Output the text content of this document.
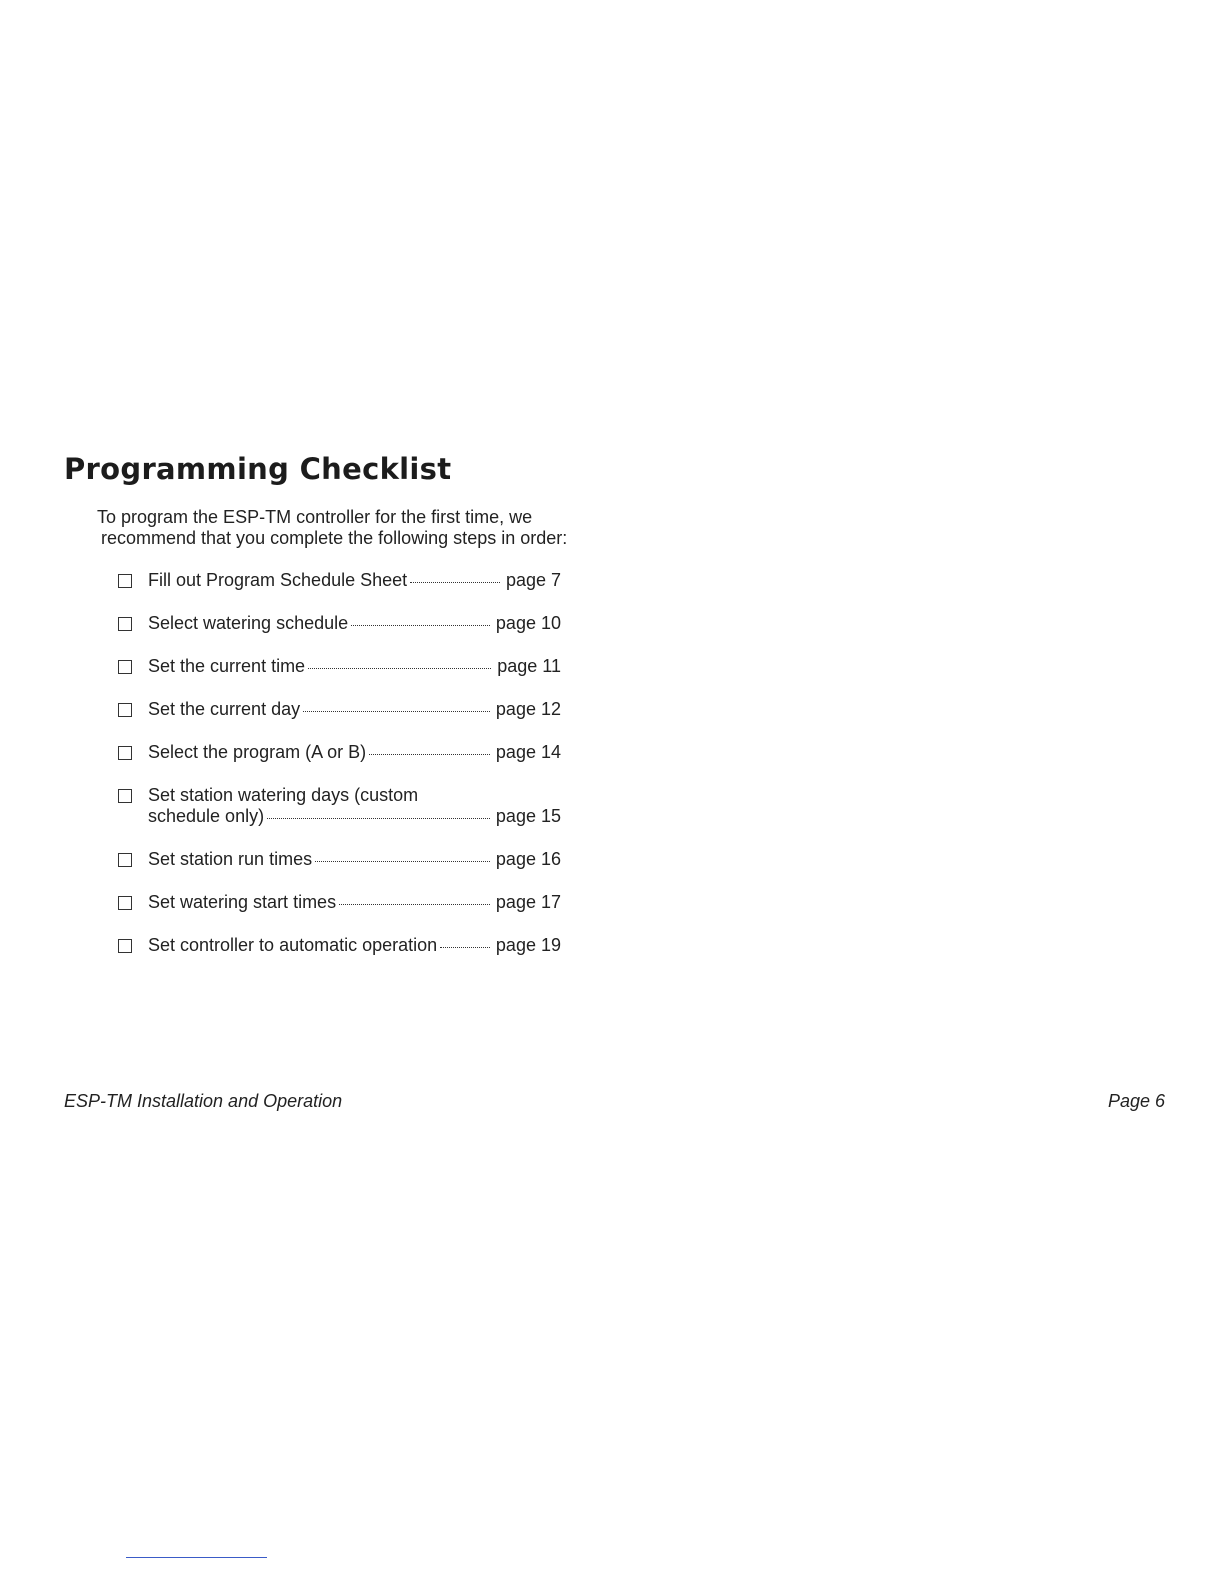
Programming Checklist
To program the ESP-TM controller for the first time, we
recommend that you complete the following steps in order:
Fill out Program Schedule Sheet	page 7
Select watering schedule	page 10
Set the current time	page 11
Set the current day	page 12
Select the program (A or B)	page 14
Set station watering days (custom
schedule only)	page 15
Set station run times	page 16
Set watering start times	page 17
Set controller to automatic operation	page 19
ESP-TM Installation and Operation	Page 6
